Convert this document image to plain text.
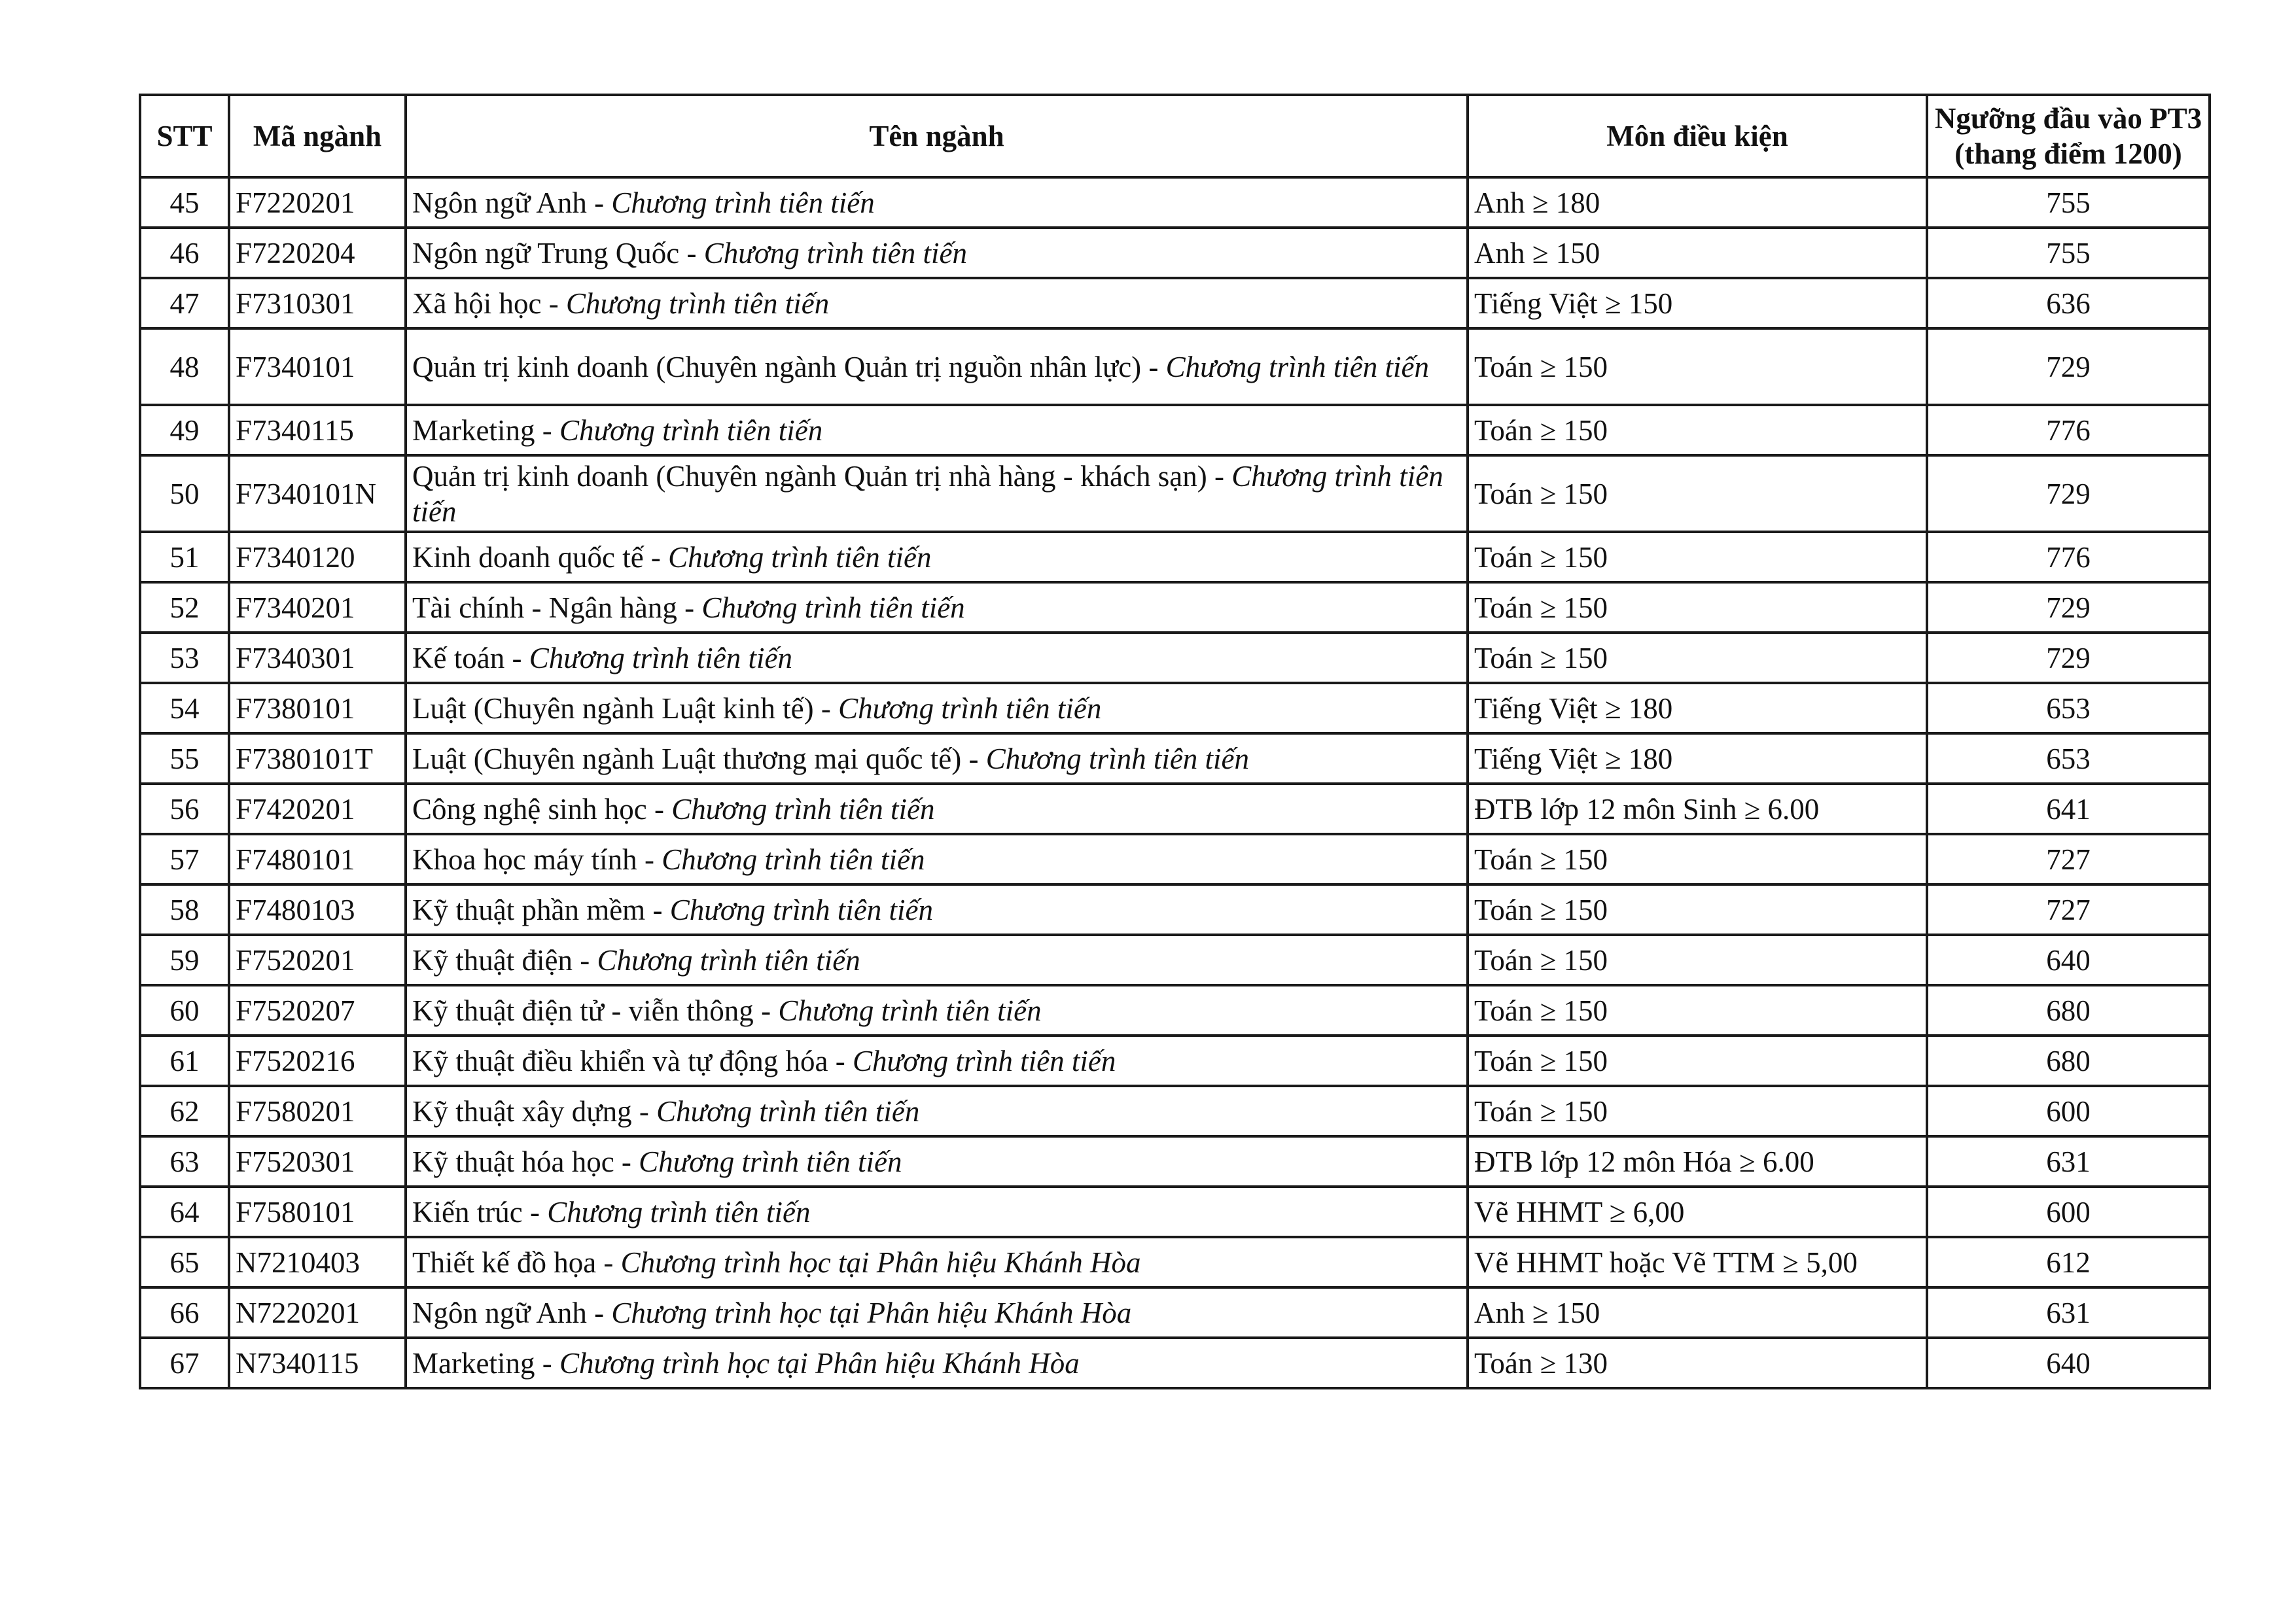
STT	Mã ngành	Tên ngành	Môn điều kiện	Ngưỡng đầu vào PT3
(thang điểm 1200)

45	F7220201	Ngôn ngữ Anh - Chương trình tiên tiến	Anh ≥ 180	755
46	F7220204	Ngôn ngữ Trung Quốc - Chương trình tiên tiến	Anh ≥ 150	755
47	F7310301	Xã hội học - Chương trình tiên tiến	Tiếng Việt ≥ 150	636
48	F7340101	Quản trị kinh doanh (Chuyên ngành Quản trị nguồn nhân lực) - Chương trình tiên tiến	Toán ≥ 150	729
49	F7340115	Marketing - Chương trình tiên tiến	Toán ≥ 150	776
50	F7340101N	Quản trị kinh doanh (Chuyên ngành Quản trị nhà hàng - khách sạn) - Chương trình tiên tiến	Toán ≥ 150	729
51	F7340120	Kinh doanh quốc tế - Chương trình tiên tiến	Toán ≥ 150	776
52	F7340201	Tài chính - Ngân hàng - Chương trình tiên tiến	Toán ≥ 150	729
53	F7340301	Kế toán - Chương trình tiên tiến	Toán ≥ 150	729
54	F7380101	Luật (Chuyên ngành Luật kinh tế) - Chương trình tiên tiến	Tiếng Việt ≥ 180	653
55	F7380101T	Luật (Chuyên ngành Luật thương mại quốc tế) - Chương trình tiên tiến	Tiếng Việt ≥ 180	653
56	F7420201	Công nghệ sinh học - Chương trình tiên tiến	ĐTB lớp 12 môn Sinh ≥ 6.00	641
57	F7480101	Khoa học máy tính - Chương trình tiên tiến	Toán ≥ 150	727
58	F7480103	Kỹ thuật phần mềm - Chương trình tiên tiến	Toán ≥ 150	727
59	F7520201	Kỹ thuật điện - Chương trình tiên tiến	Toán ≥ 150	640
60	F7520207	Kỹ thuật điện tử - viễn thông - Chương trình tiên tiến	Toán ≥ 150	680
61	F7520216	Kỹ thuật điều khiển và tự động hóa - Chương trình tiên tiến	Toán ≥ 150	680
62	F7580201	Kỹ thuật xây dựng - Chương trình tiên tiến	Toán ≥ 150	600
63	F7520301	Kỹ thuật hóa học - Chương trình tiên tiến	ĐTB lớp 12 môn Hóa ≥ 6.00	631
64	F7580101	Kiến trúc - Chương trình tiên tiến	Vẽ HHMT ≥ 6,00	600
65	N7210403	Thiết kế đồ họa - Chương trình học tại Phân hiệu Khánh Hòa	Vẽ HHMT hoặc Vẽ TTM ≥ 5,00	612
66	N7220201	Ngôn ngữ Anh - Chương trình học tại Phân hiệu Khánh Hòa	Anh ≥ 150	631
67	N7340115	Marketing - Chương trình học tại Phân hiệu Khánh Hòa	Toán ≥ 130	640
